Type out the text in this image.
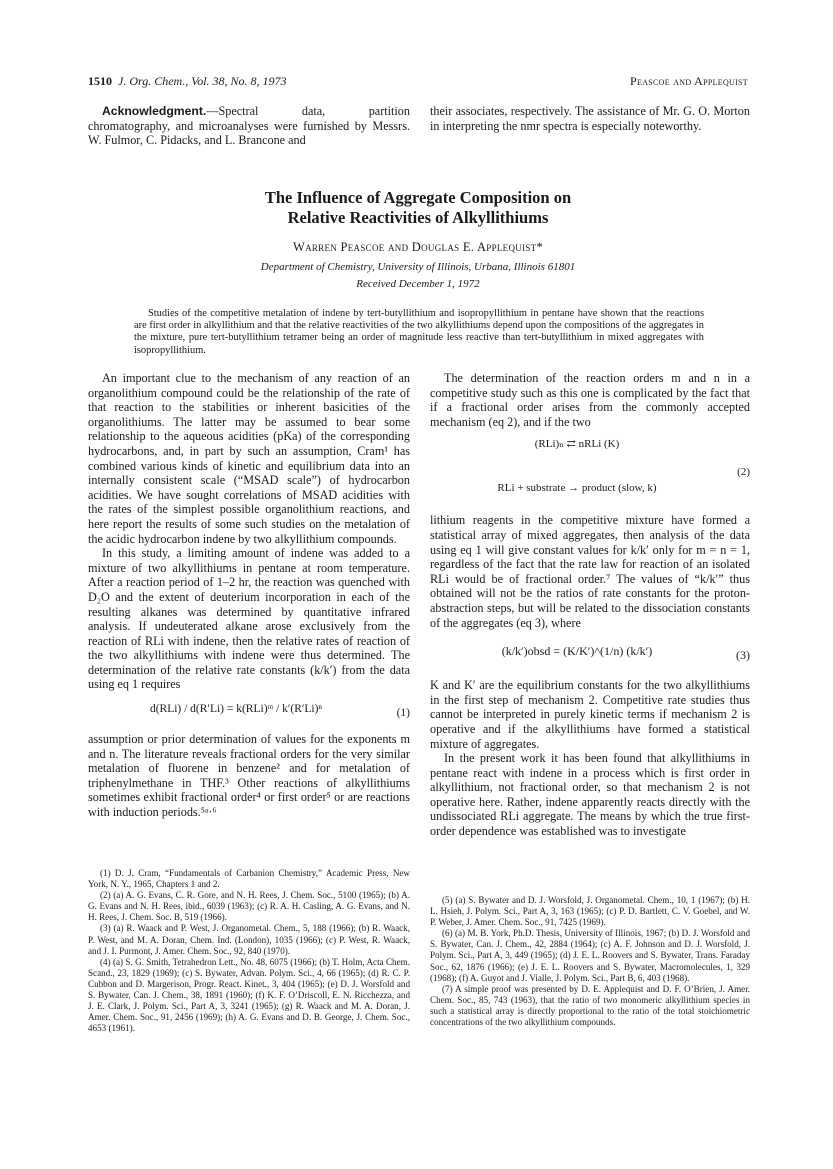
1510 J. Org. Chem., Vol. 38, No. 8, 1973	Peascoe and Applequist

Acknowledgment.—Spectral data, partition chromatography, and microanalyses were furnished by Messrs. W. Fulmor, C. Pidacks, and L. Brancone and

their associates, respectively. The assistance of Mr. G. O. Morton in interpreting the nmr spectra is especially noteworthy.

The Influence of Aggregate Composition on
Relative Reactivities of Alkyllithiums
Warren Peascoe and Douglas E. Applequist*
Department of Chemistry, University of Illinois, Urbana, Illinois 61801
Received December 1, 1972
Studies of the competitive metalation of indene by tert-butyllithium and isopropyllithium in pentane have shown that the reactions are first order in alkyllithium and that the relative reactivities of the two alkyllithiums depend upon the compositions of the aggregates in the mixture, pure tert-butyllithium tetramer being an order of magnitude less reactive than tert-butyllithium in mixed aggregates with isopropyllithium.

An important clue to the mechanism of any reaction of an organolithium compound could be the relationship of the rate of that reaction to the stabilities or inherent basicities of the organolithiums. The latter may be assumed to bear some relationship to the aqueous acidities (pKa) of the corresponding hydrocarbons, and, in part by such an assumption, Cram¹ has combined various kinds of kinetic and equilibrium data into an internally consistent scale (“MSAD scale”) of hydrocarbon acidities. We have sought correlations of MSAD acidities with the rates of the simplest possible organolithium reactions, and here report the results of some such studies on the metalation of the acidic hydrocarbon indene by two alkyllithium compounds.

In this study, a limiting amount of indene was added to a mixture of two alkyllithiums in pentane at room temperature. After a reaction period of 1–2 hr, the reaction was quenched with D₂O and the extent of deuterium incorporation in each of the resulting alkanes was determined by quantitative infrared analysis. If undeuterated alkane arose exclusively from the reaction of RLi with indene, then the relative rates of reaction of the two alkyllithiums with indene were thus determined. The determination of the relative rate constants (k/k′) from the data using eq 1 requires

d(RLi) / d(R′Li) = k(RLi)ᵐ / k′(R′Li)ⁿ	(1)

assumption or prior determination of values for the exponents m and n. The literature reveals fractional orders for the very similar metalation of fluorene in benzene² and for metalation of triphenylmethane in THF.³ Other reactions of alkyllithiums sometimes exhibit fractional order⁴ or first order⁵ or are reactions with induction periods.⁵ᵃ·⁶

The determination of the reaction orders m and n in a competitive study such as this one is complicated by the fact that if a fractional order arises from the commonly accepted mechanism (eq 2), and if the two

(RLi)ₙ ⇄ nRLi (K)
(2)
RLi + substrate → product (slow, k)

lithium reagents in the competitive mixture have formed a statistical array of mixed aggregates, then analysis of the data using eq 1 will give constant values for k/k′ only for m = n = 1, regardless of the fact that the rate law for reaction of an isolated RLi would be of fractional order.⁷ The values of “k/k′” thus obtained will not be the ratios of rate constants for the proton-abstraction steps, but will be related to the dissociation constants of the aggregates (eq 3), where

(k/k′)obsd = (K/K′)^(1/n) (k/k′)	(3)

K and K′ are the equilibrium constants for the two alkyllithiums in the first step of mechanism 2. Competitive rate studies thus cannot be interpreted in purely kinetic terms if mechanism 2 is operative and if the alkyllithiums have formed a statistical mixture of aggregates.

In the present work it has been found that alkyllithiums in pentane react with indene in a process which is first order in alkyllithium, not fractional order, so that mechanism 2 is not operative here. Rather, indene apparently reacts directly with the undissociated RLi aggregate. The means by which the true first-order dependence was established was to investigate

(1) D. J. Cram, “Fundamentals of Carbanion Chemistry,” Academic Press, New York, N. Y., 1965, Chapters 1 and 2.

(2) (a) A. G. Evans, C. R. Gore, and N. H. Rees, J. Chem. Soc., 5100 (1965); (b) A. G. Evans and N. H. Rees, ibid., 6039 (1963); (c) R. A. H. Casling, A. G. Evans, and N. H. Rees, J. Chem. Soc. B, 519 (1966).

(3) (a) R. Waack and P. West, J. Organometal. Chem., 5, 188 (1966); (b) R. Waack, P. West, and M. A. Doran, Chem. Ind. (London), 1035 (1966); (c) P. West, R. Waack, and J. I. Purmont, J. Amer. Chem. Soc., 92, 840 (1970).

(4) (a) S. G. Smith, Tetrahedron Lett., No. 48, 6075 (1966); (b) T. Holm, Acta Chem. Scand., 23, 1829 (1969); (c) S. Bywater, Advan. Polym. Sci., 4, 66 (1965); (d) R. C. P. Cubbon and D. Margerison, Progr. React. Kinet., 3, 404 (1965); (e) D. J. Worsfold and S. Bywater, Can. J. Chem., 38, 1891 (1960); (f) K. F. O’Driscoll, E. N. Ricchezza, and J. E. Clark, J. Polym. Sci., Part A, 3, 3241 (1965); (g) R. Waack and M. A. Doran, J. Amer. Chem. Soc., 91, 2456 (1969); (h) A. G. Evans and D. B. George, J. Chem. Soc., 4653 (1961).

(5) (a) S. Bywater and D. J. Worsfold, J. Organometal. Chem., 10, 1 (1967); (b) H. L. Hsieh, J. Polym. Sci., Part A, 3, 163 (1965); (c) P. D. Bartlett, C. V. Goebel, and W. P. Weber, J. Amer. Chem. Soc., 91, 7425 (1969).

(6) (a) M. B. York, Ph.D. Thesis, University of Illinois, 1967; (b) D. J. Worsfold and S. Bywater, Can. J. Chem., 42, 2884 (1964); (c) A. F. Johnson and D. J. Worsfold, J. Polym. Sci., Part A, 3, 449 (1965); (d) J. E. L. Roovers and S. Bywater, Trans. Faraday Soc., 62, 1876 (1966); (e) J. E. L. Roovers and S. Bywater, Macromolecules, 1, 329 (1968); (f) A. Guyot and J. Vialle, J. Polym. Sci., Part B, 6, 403 (1968).

(7) A simple proof was presented by D. E. Applequist and D. F. O’Brien, J. Amer. Chem. Soc., 85, 743 (1963), that the ratio of two monomeric alkyllithium species in such a statistical array is directly proportional to the ratio of the total stoichiometric concentrations of the two alkyllithium compounds.
